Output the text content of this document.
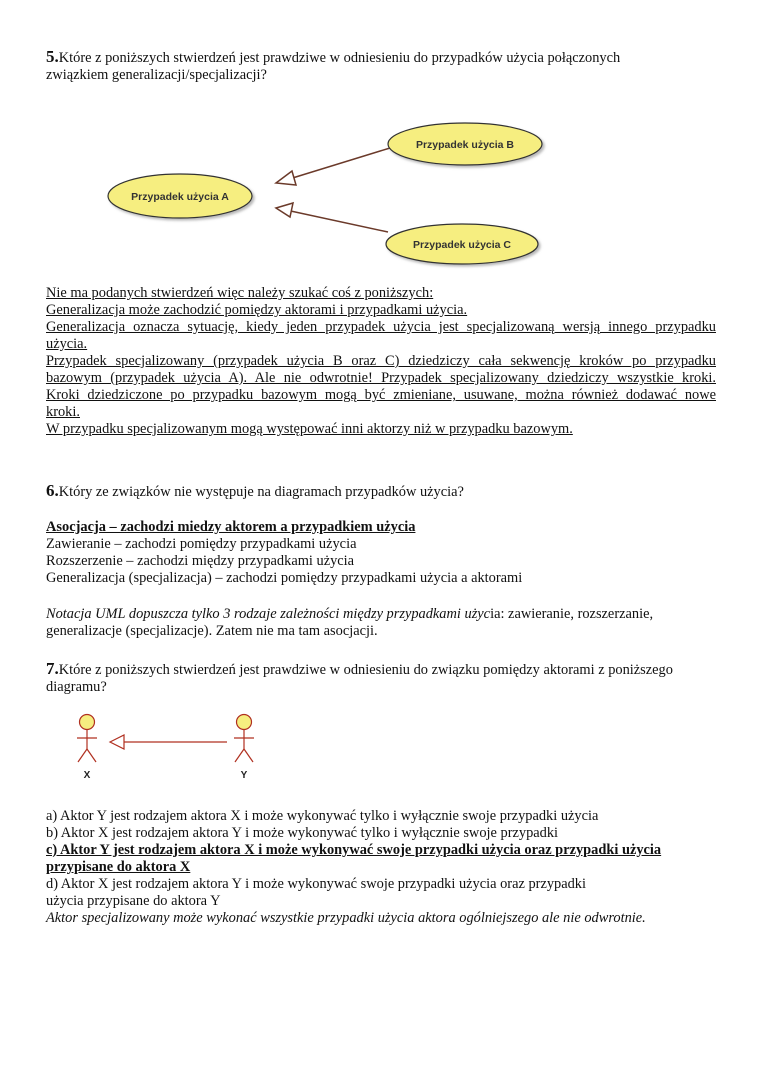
5.Które z poniższych stwierdzeń jest prawdziwe w odniesieniu do przypadków użycia połączonych
związkiem generalizacji/specjalizacji?
Przypadek użycia A
Przypadek użycia B
Przypadek użycia C
Nie ma podanych stwierdzeń więc należy szukać coś z poniższych:
Generalizacja może zachodzić pomiędzy aktorami i przypadkami użycia.
Generalizacja oznacza sytuację, kiedy jeden przypadek użycia jest specjalizowaną wersją innego przypadku
użycia.
Przypadek specjalizowany (przypadek użycia B oraz C) dziedziczy cała sekwencję kroków po przypadku
bazowym (przypadek użycia A). Ale nie odwrotnie! Przypadek specjalizowany dziedziczy wszystkie kroki.
Kroki dziedziczone po przypadku bazowym mogą być zmieniane, usuwane, można również dodawać nowe
kroki.
W przypadku specjalizowanym mogą występować inni aktorzy niż w przypadku bazowym.
6.Który ze związków nie występuje na diagramach przypadków użycia?
Asocjacja – zachodzi miedzy aktorem a przypadkiem użycia
Zawieranie – zachodzi pomiędzy przypadkami użycia
Rozszerzenie – zachodzi między przypadkami użycia
Generalizacja (specjalizacja) – zachodzi pomiędzy przypadkami użycia a aktorami
Notacja UML dopuszcza tylko 3 rodzaje zależności między przypadkami użycia: zawieranie, rozszerzanie,
generalizacje (specjalizacje). Zatem nie ma tam asocjacji.
7.Które z poniższych stwierdzeń jest prawdziwe w odniesieniu do związku pomiędzy aktorami z poniższego
diagramu?
X	Y
a) Aktor Y jest rodzajem aktora X i może wykonywać tylko i wyłącznie swoje przypadki użycia
b) Aktor X jest rodzajem aktora Y i może wykonywać tylko i wyłącznie swoje przypadki
c) Aktor Y jest rodzajem aktora X i może wykonywać swoje przypadki użycia oraz przypadki użycia
przypisane do aktora X
d) Aktor X jest rodzajem aktora Y i może wykonywać swoje przypadki użycia oraz przypadki
użycia przypisane do aktora Y
Aktor specjalizowany może wykonać wszystkie przypadki użycia aktora ogólniejszego ale nie odwrotnie.
